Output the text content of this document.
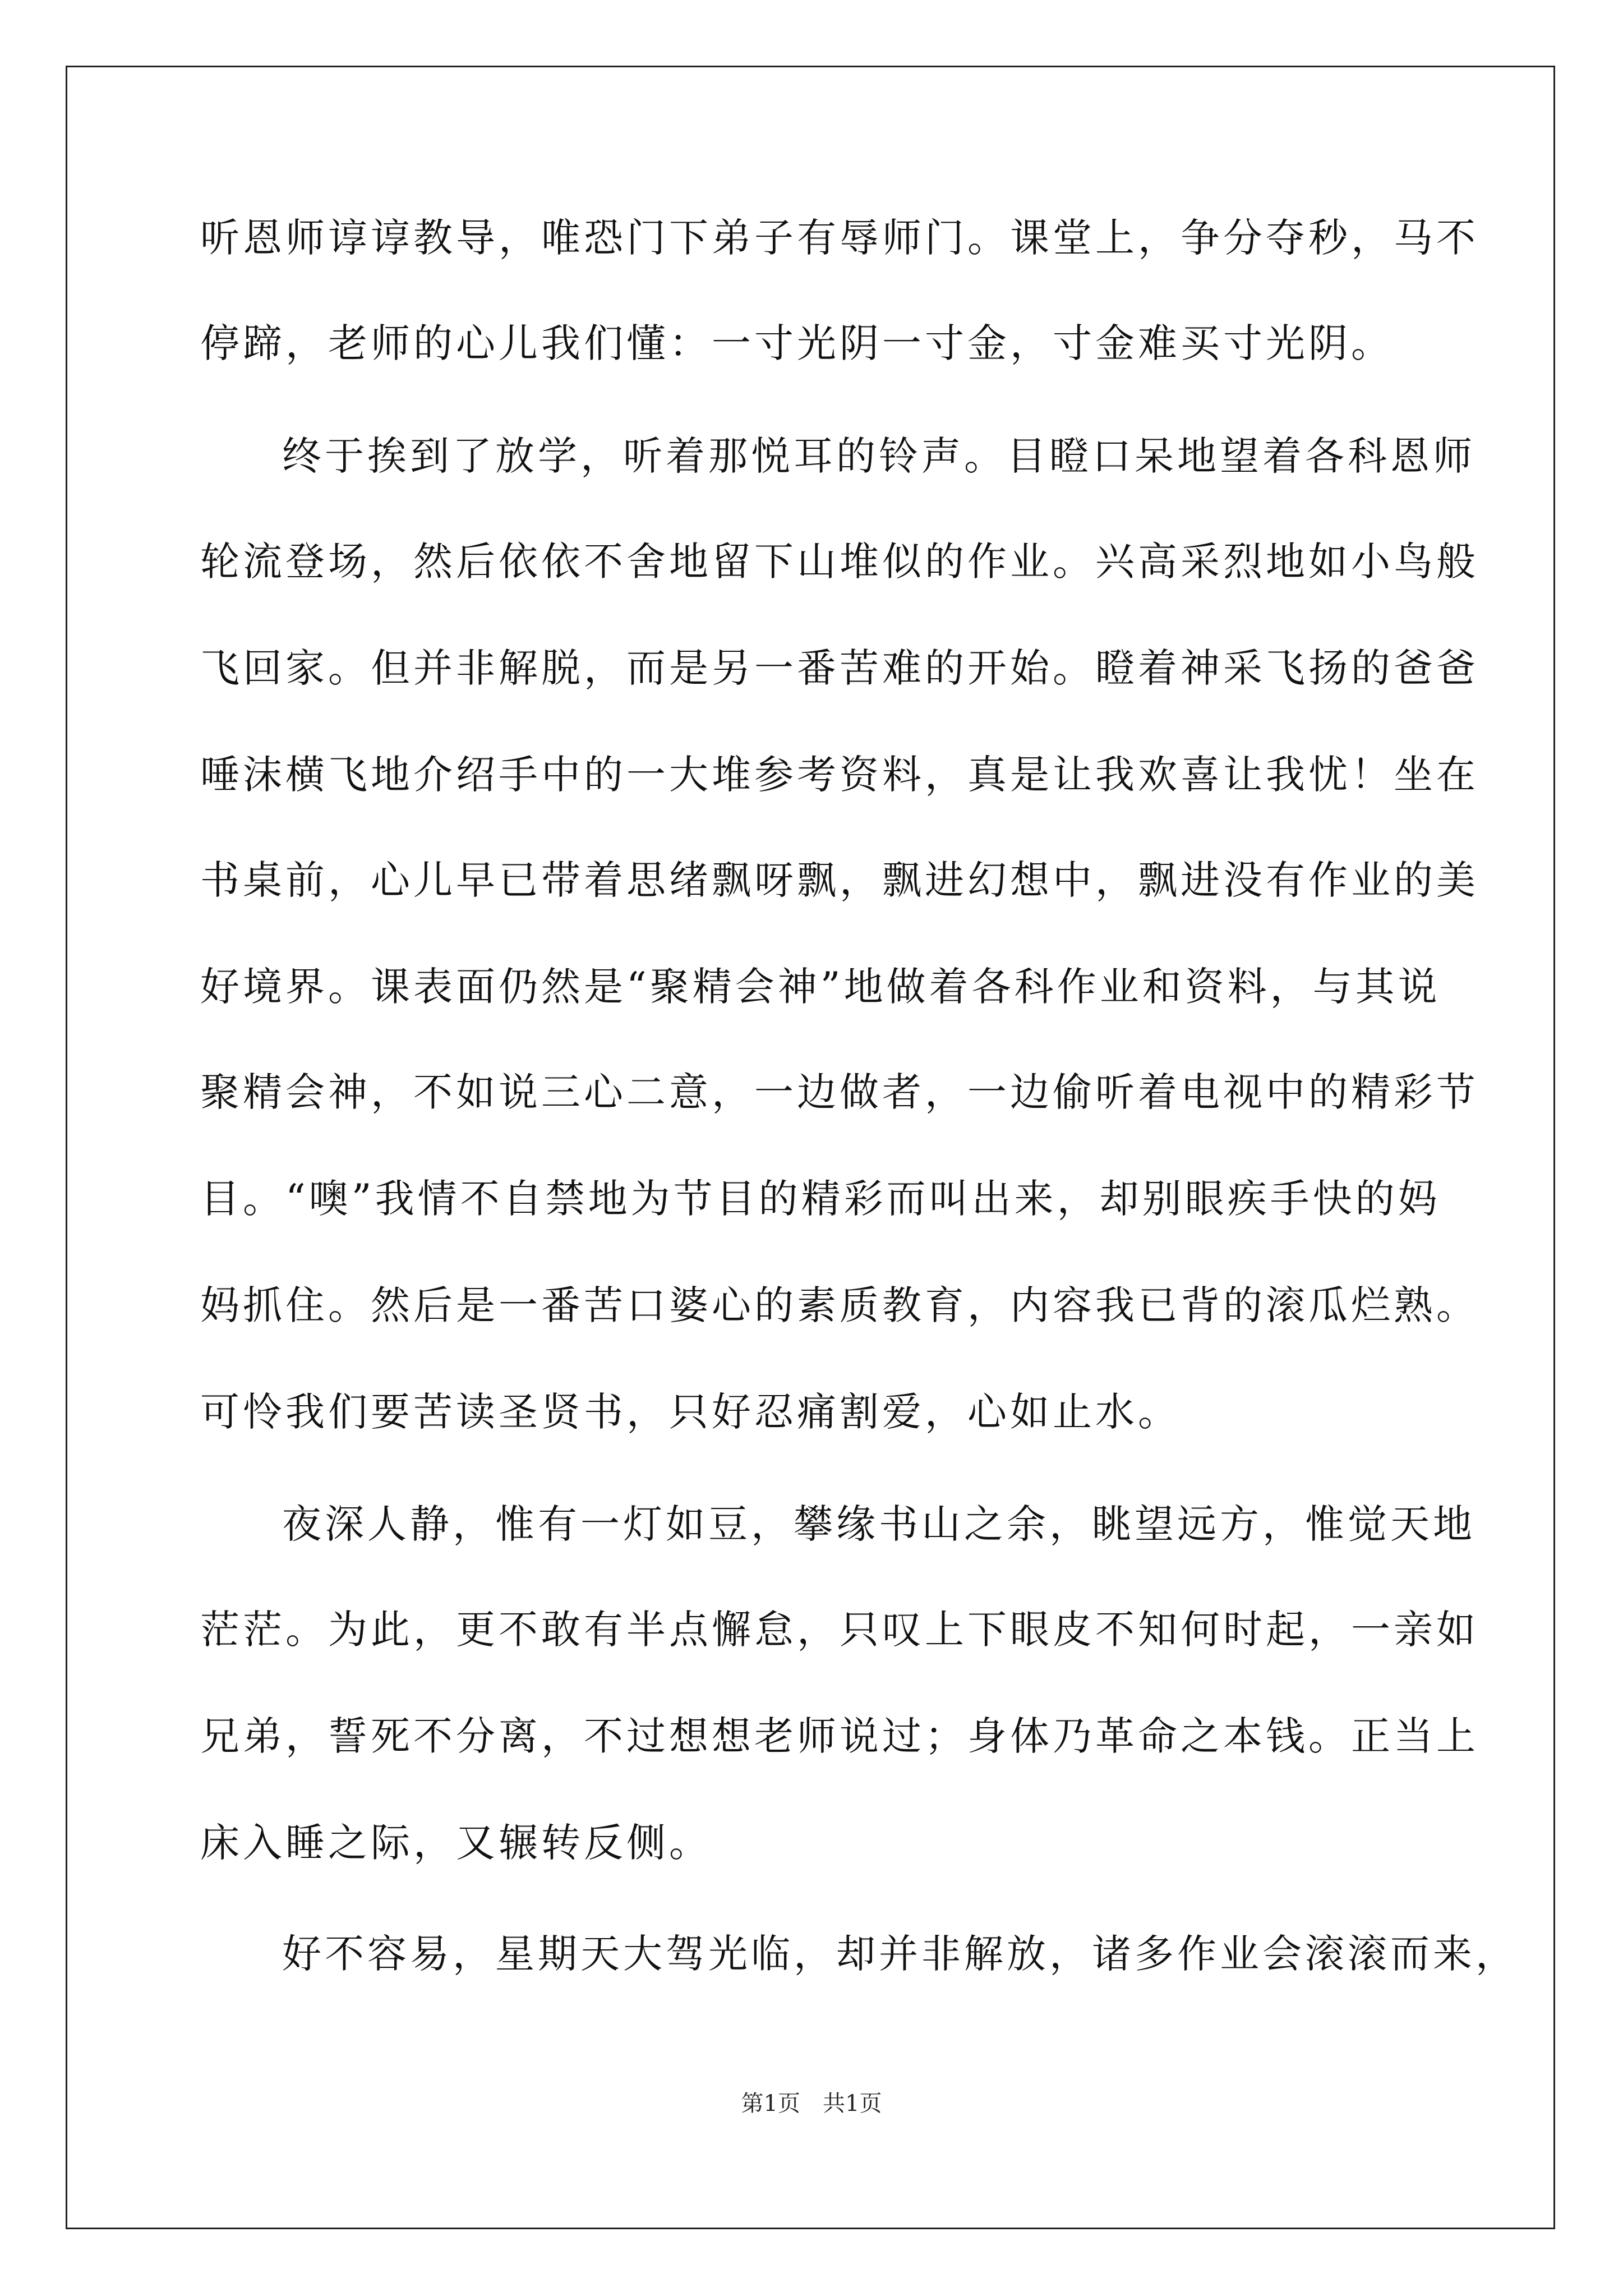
听恩师谆谆教导，唯恐门下弟子有辱师门。课堂上，争分夺秒，马不
停蹄，老师的心儿我们懂：一寸光阴一寸金，寸金难买寸光阴。
终于挨到了放学，听着那悦耳的铃声。目瞪口呆地望着各科恩师
轮流登场，然后依依不舍地留下山堆似的作业。兴高采烈地如小鸟般
飞回家。但并非解脱，而是另一番苦难的开始。瞪着神采飞扬的爸爸
唾沫横飞地介绍手中的一大堆参考资料，真是让我欢喜让我忧！坐在
书桌前，心儿早已带着思绪飘呀飘，飘进幻想中，飘进没有作业的美
好境界。课表面仍然是“聚精会神”地做着各科作业和资料，与其说
聚精会神，不如说三心二意，一边做者，一边偷听着电视中的精彩节
目。“噢”我情不自禁地为节目的精彩而叫出来，却别眼疾手快的妈
妈抓住。然后是一番苦口婆心的素质教育，内容我已背的滚瓜烂熟。
可怜我们要苦读圣贤书，只好忍痛割爱，心如止水。
夜深人静，惟有一灯如豆，攀缘书山之余，眺望远方，惟觉天地
茫茫。为此，更不敢有半点懈怠，只叹上下眼皮不知何时起，一亲如
兄弟，誓死不分离，不过想想老师说过；身体乃革命之本钱。正当上
床入睡之际，又辗转反侧。
好不容易，星期天大驾光临，却并非解放，诸多作业会滚滚而来，
第1页　共1页
